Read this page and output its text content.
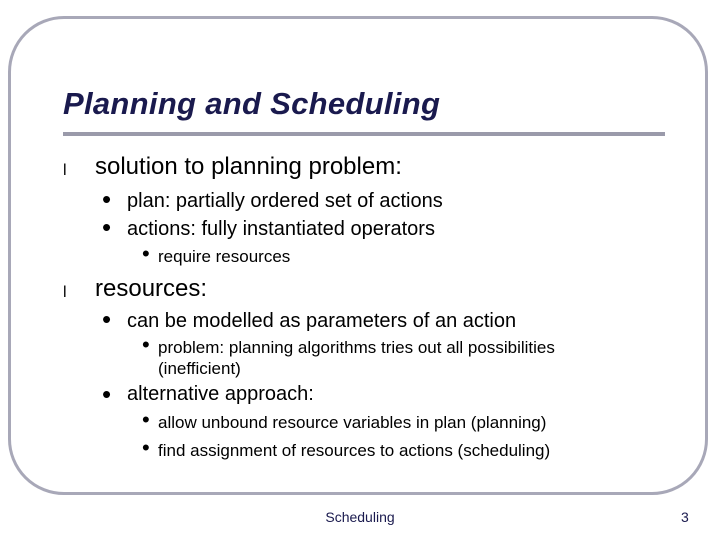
Planning and Scheduling
l solution to planning problem:
• plan: partially ordered set of actions
• actions: fully instantiated operators
• require resources
l resources:
• can be modelled as parameters of an action
• problem: planning algorithms tries out all possibilities
(inefficient)
• alternative approach:
• allow unbound resource variables in plan (planning)
• find assignment of resources to actions (scheduling)
Scheduling	3
